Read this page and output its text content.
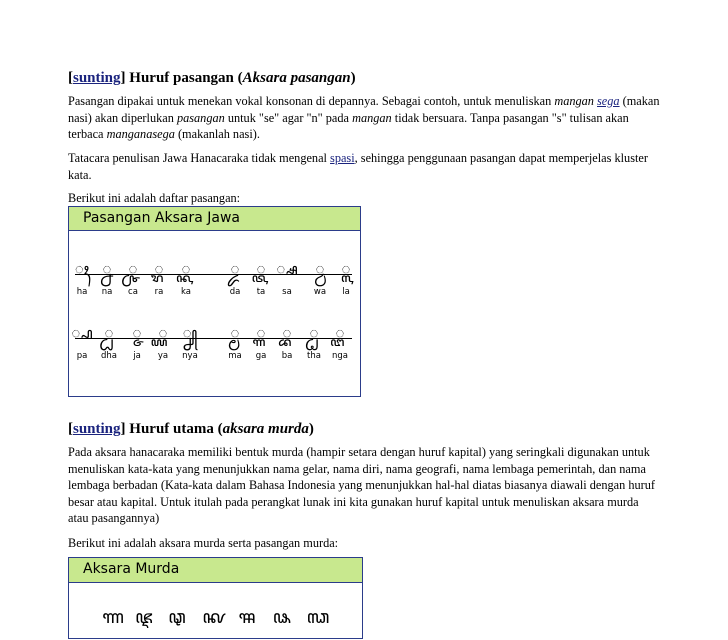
[sunting] Huruf pasangan (Aksara pasangan)

Pasangan dipakai untuk menekan vokal konsonan di depannya. Sebagai contoh, untuk menuliskan mangan sega (makan nasi) akan diperlukan pasangan untuk "se" agar "n" pada mangan tidak bersuara. Tanpa pasangan "s" tulisan akan terbaca manganasega (makanlah nasi).

Tatacara penulisan Jawa Hanacaraka tidak mengenal spasi, sehingga penggunaan pasangan dapat memperjelas kluster kata.

Berikut ini adalah daftar pasangan:

Pasangan Aksara Jawa
ꦃ
ha
꧀ꦤ
na
꧀ꦕ
ca
꧀ꦫ
ra
꧀ꦏ
ka
꧀ꦢ
da
꧀ꦠ
ta
꧀ꦱ
sa
꧀ꦮ
wa
꧀ꦭ
la
꧀ꦥ
pa
꧀ꦝ
dha
꧀ꦗ
ja
꧀ꦪ
ya
꧀ꦚ
nya
꧀ꦩ
ma
꧀ꦒ
ga
꧀ꦧ
ba
꧀ꦛ
tha
꧀ꦔ
nga
[sunting] Huruf utama (aksara murda)

Pada aksara hanacaraka memiliki bentuk murda (hampir setara dengan huruf kapital) yang seringkali digunakan untuk menuliskan kata-kata yang menunjukkan nama gelar, nama diri, nama geografi, nama lembaga pemerintah, dan nama lembaga berbadan (Kata-kata dalam Bahasa Indonesia yang menunjukkan hal-hal diatas biasanya diawali dengan huruf besar atau kapital. Untuk itulah pada perangkat lunak ini kita gunakan huruf kapital untuk menuliskan aksara murda atau pasangannya)

Berikut ini adalah aksara murda serta pasangan murda:

Aksara Murda
ꦟ ꦘ ꦡ ꦑ ꦯ ꦦ ꦓ
